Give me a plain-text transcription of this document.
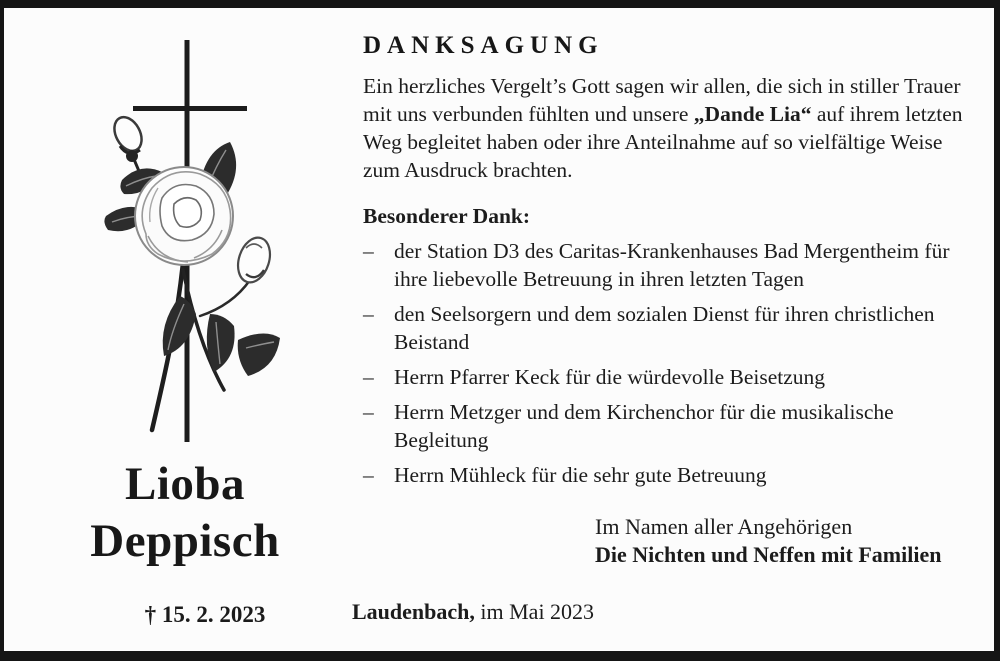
Lioba
Deppisch
† 15. 2. 2023
DANKSAGUNG

Ein herzliches Vergelt’s Gott sagen wir allen, die sich in stiller Trauer mit uns verbunden fühlten und unsere „Dande Lia“ auf ihrem letzten Weg begleitet haben oder ihre Anteilnahme auf so vielfältige Weise zum Ausdruck brachten.

Besonderer Dank:
– der Station D3 des Caritas-Krankenhauses Bad Mergentheim für ihre liebevolle Betreuung in ihren letzten Tagen
– den Seelsorgern und dem sozialen Dienst für ihren christlichen Beistand
– Herrn Pfarrer Keck für die würdevolle Beisetzung
– Herrn Metzger und dem Kirchenchor für die musikalische Begleitung
– Herrn Mühleck für die sehr gute Betreuung
Im Namen aller Angehörigen
Die Nichten und Neffen mit Familien

Laudenbach, im Mai 2023
